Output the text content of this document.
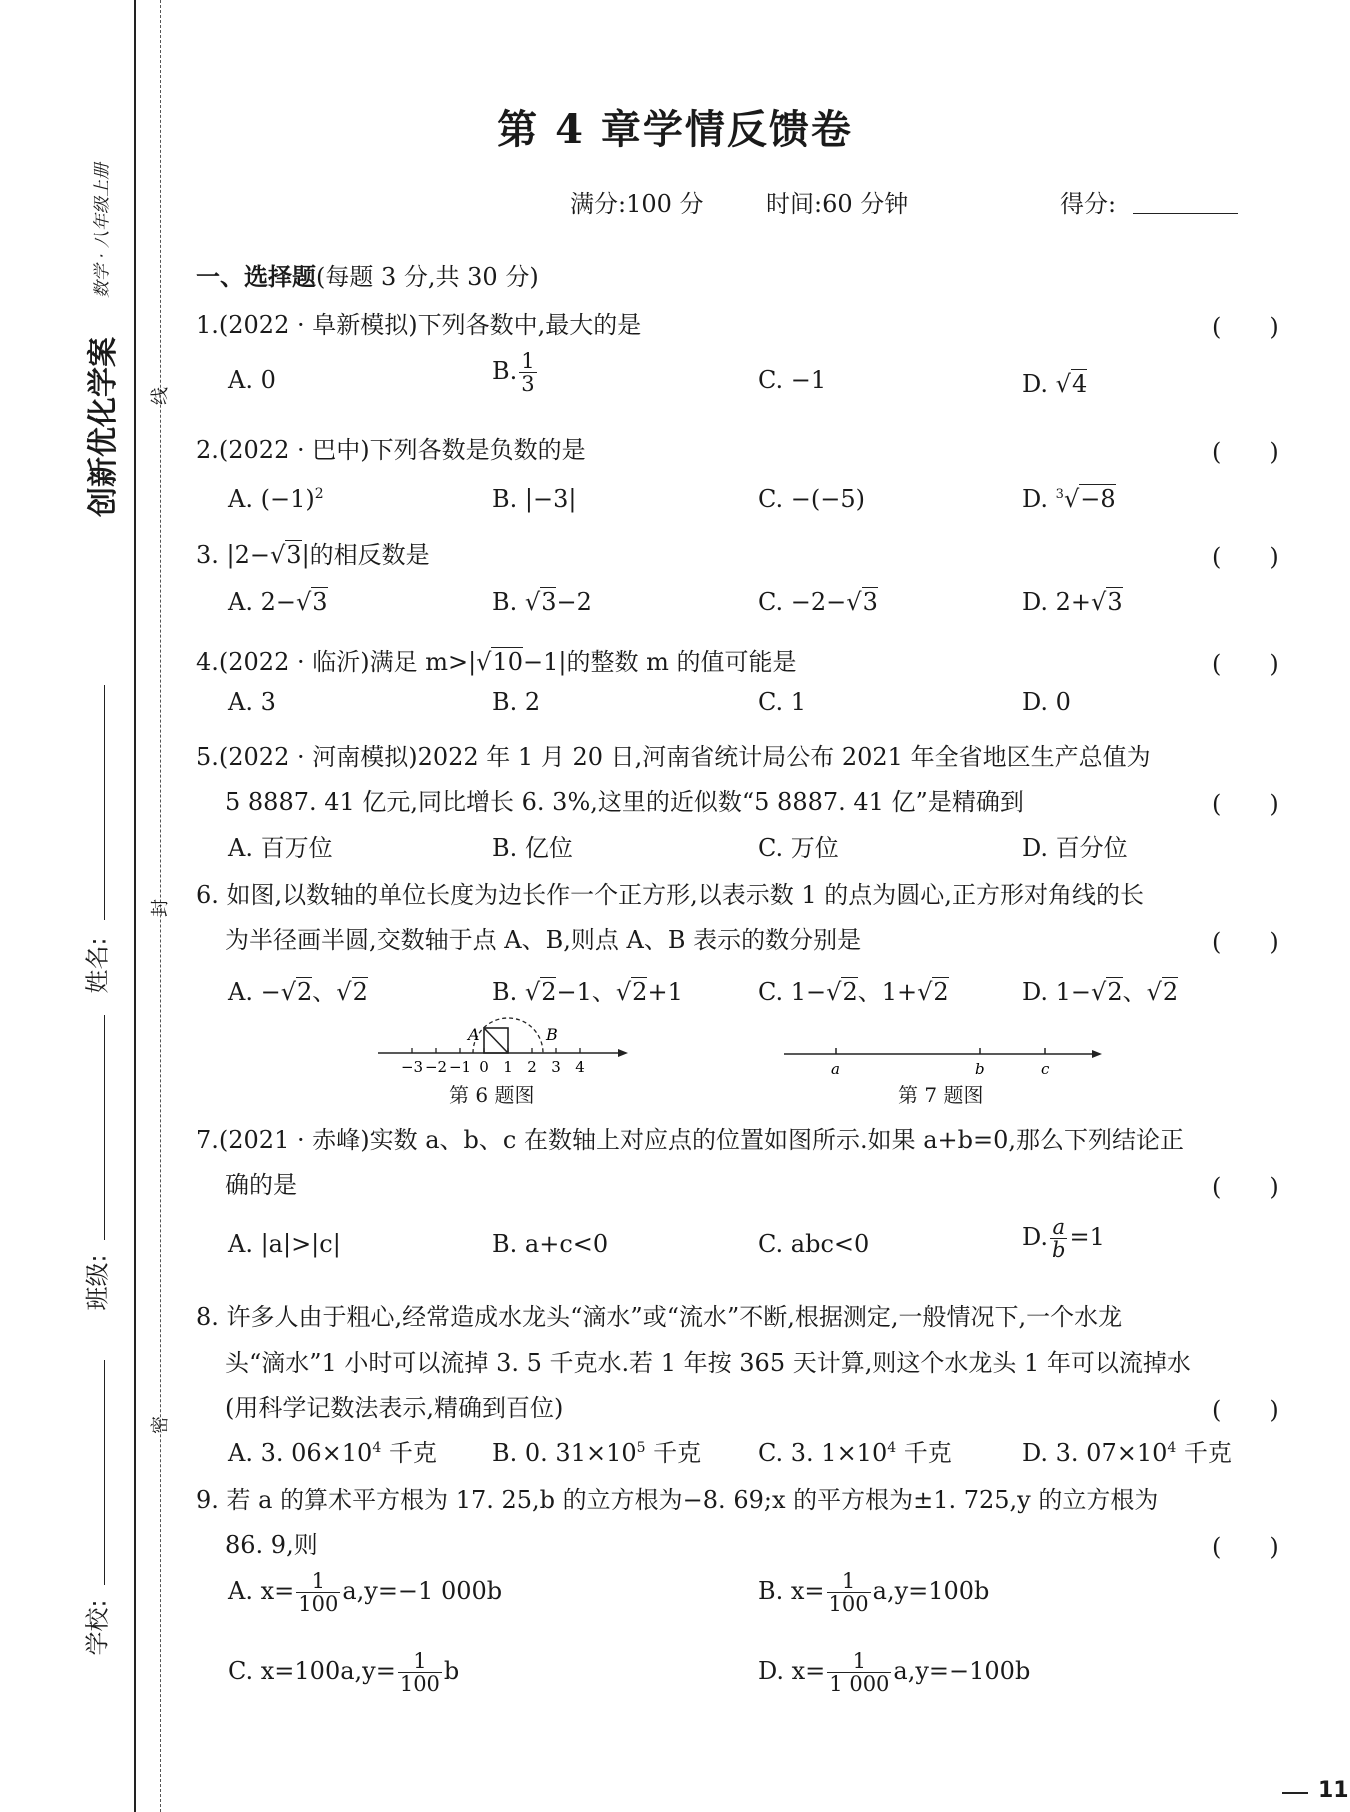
创新优化学案
数学 · 八年级上册
线
封
密
姓名:
班级:
学校:
第 4 章学情反馈卷
满分:100 分	时间:60 分钟	得分:
一、选择题(每题 3 分,共 30 分)
1.(2022 · 阜新模拟)下列各数中,最大的是	(　　)
A. 0	B. $\frac{1}{3}$	C. −1	D. √4
2.(2022 · 巴中)下列各数是负数的是	(　　)
A. $(-1)^2$	B. |−3|	C. −(−5)	D. $^3$√−8
3. |2−√3|的相反数是	(　　)
A. 2−√3	B. √3−2	C. −2−√3	D. 2+√3
4.(2022 · 临沂)满足 m>|√10−1|的整数 m 的值可能是	(　　)
A. 3	B. 2	C. 1	D. 0
5.(2022 · 河南模拟)2022 年 1 月 20 日,河南省统计局公布 2021 年全省地区生产总值为
5 8887. 41 亿元,同比增长 6. 3%,这里的近似数“5 8887. 41 亿”是精确到	(　　)
A. 百万位	B. 亿位	C. 万位	D. 百分位
6. 如图,以数轴的单位长度为边长作一个正方形,以表示数 1 的点为圆心,正方形对角线的长
为半径画半圆,交数轴于点 A、B,则点 A、B 表示的数分别是	(　　)
A. −√2、√2	B. √2−1、√2+1	C. 1−√2、1+√2	D. 1−√2、√2
−3 −2 −1 0 1 2 3 4
A	B
第 6 题图
a	b	c
第 7 题图
7.(2021 · 赤峰)实数 a、b、c 在数轴上对应点的位置如图所示.如果 a+b=0,那么下列结论正
确的是	(　　)
A. |a|>|c|	B. a+c<0	C. abc<0	D. $\frac{a}{b} =1$
8. 许多人由于粗心,经常造成水龙头“滴水”或“流水”不断,根据测定,一般情况下,一个水龙
头“滴水”1 小时可以流掉 3. 5 千克水.若 1 年按 365 天计算,则这个水龙头 1 年可以流掉水
(用科学记数法表示,精确到百位)	(　　)
A. 3. $06\times 10^4$ 千克 B. 0. $31\times 10^5$ 千克 C. 3. $1\times 10^4$ 千克	D. 3. $07\times 10^4$ 千克
9. 若 a 的算术平方根为 17. 25,b 的立方根为−8. 69;x 的平方根为±1. 725,y 的立方根为
86. 9,则	(　　)
A. $x= \frac{1}{100} a,y=-1$ 000b	B. $x= \frac{1}{100} a,y=100b$
C. $x=100a,y= \frac{1}{100}$ b	D. $x= \frac{1}{1 000} a,y=-100b$
11
